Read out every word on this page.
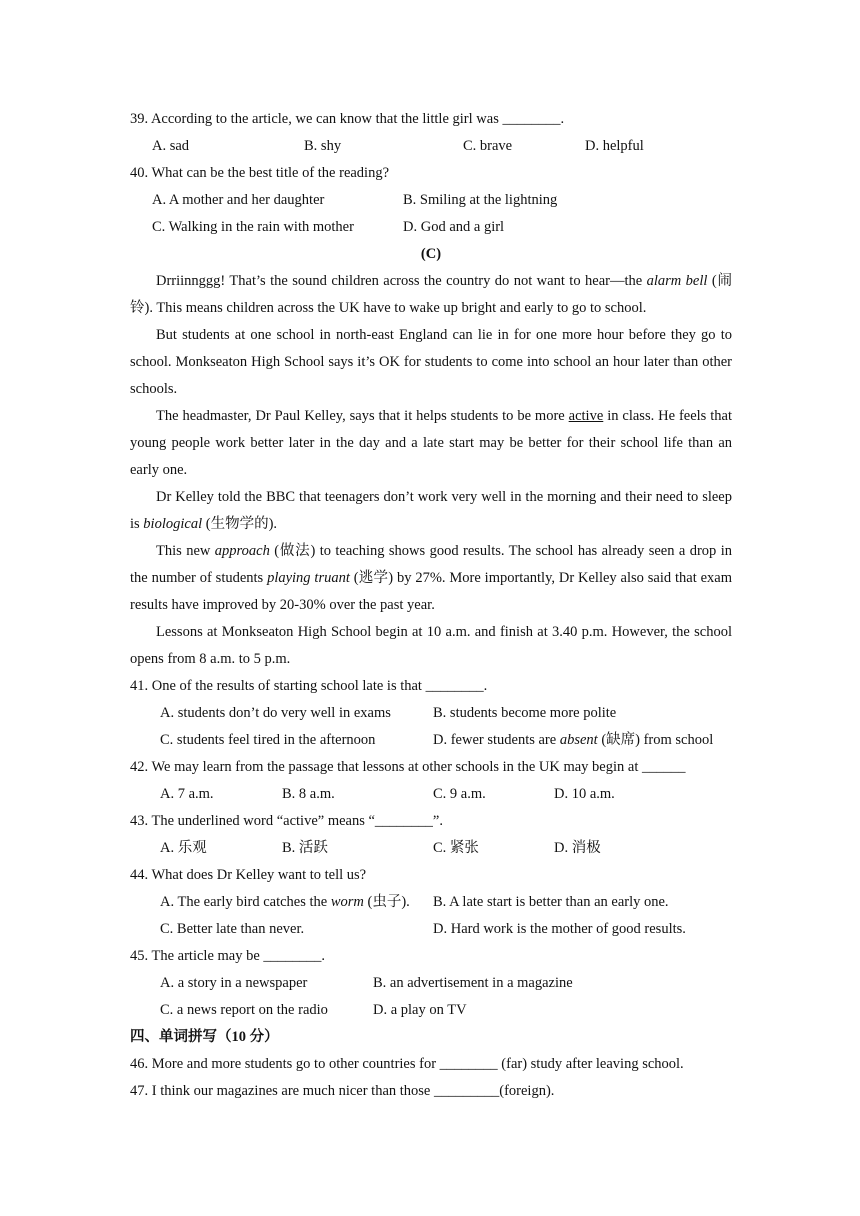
39. According to the article, we can know that the little girl was ________.
A. sad	B. shy	C. brave	D. helpful
40. What can be the best title of the reading?
A. A mother and her daughter	B. Smiling at the lightning
C. Walking in the rain with mother	D. God and a girl
(C)
Drriinnggg! That’s the sound children across the country do not want to hear—the alarm bell (闹铃). This means children across the UK have to wake up bright and early to go to school.
But students at one school in north-east England can lie in for one more hour before they go to school. Monkseaton High School says it’s OK for students to come into school an hour later than other schools.
The headmaster, Dr Paul Kelley, says that it helps students to be more active in class. He feels that young people work better later in the day and a late start may be better for their school life than an early one.
Dr Kelley told the BBC that teenagers don’t work very well in the morning and their need to sleep is biological (生物学的).
This new approach (做法) to teaching shows good results. The school has already seen a drop in the number of students playing truant (逃学) by 27%. More importantly, Dr Kelley also said that exam results have improved by 20-30% over the past year.
Lessons at Monkseaton High School begin at 10 a.m. and finish at 3.40 p.m. However, the school opens from 8 a.m. to 5 p.m.
41. One of the results of starting school late is that ________.
A. students don’t do very well in exams	B. students become more polite
C. students feel tired in the afternoon	D. fewer students are absent (缺席) from school
42. We may learn from the passage that lessons at other schools in the UK may begin at ______
A. 7 a.m.	B. 8 a.m.	C. 9 a.m.	D. 10 a.m.
43. The underlined word “active” means “________”.
A. 乐观	B. 活跃	C. 紧张	D. 消极
44. What does Dr Kelley want to tell us?
A. The early bird catches the worm (虫子). B. A late start is better than an early one.
C. Better late than never.	D. Hard work is the mother of good results.
45. The article may be ________.
A. a story in a newspaper	B. an advertisement in a magazine
C. a news report on the radio	D. a play on TV
四、单词拼写（10 分）
46. More and more students go to other countries for ________ (far) study after leaving school.
47. I think our magazines are much nicer than those _________(foreign).
